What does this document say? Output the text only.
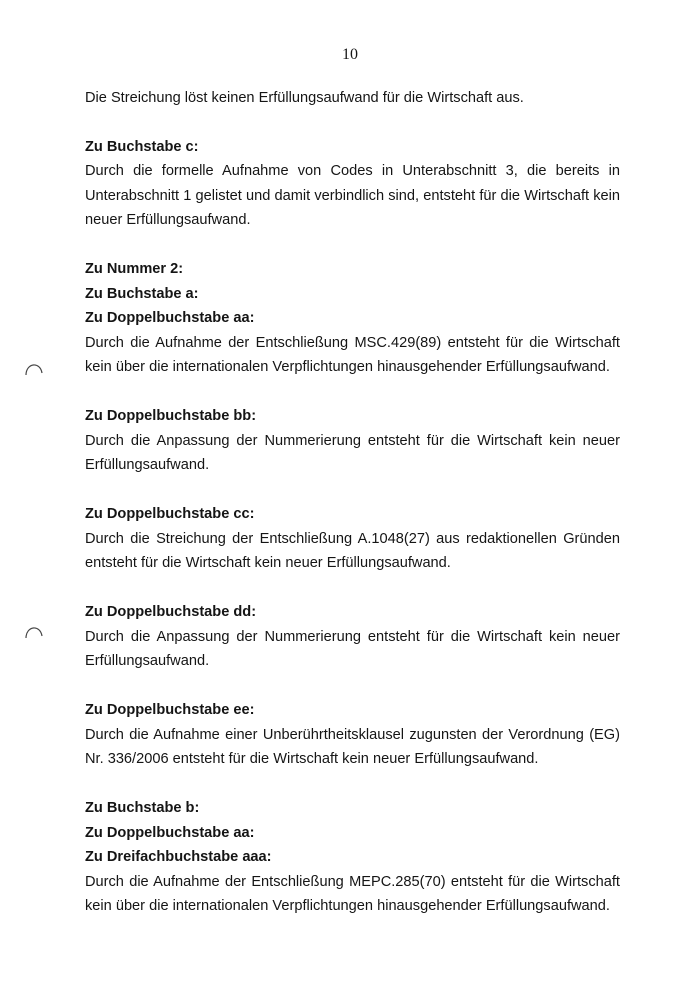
10

Die Streichung löst keinen Erfüllungsaufwand für die Wirtschaft aus.

Zu Buchstabe c:
Durch die formelle Aufnahme von Codes in Unterabschnitt 3, die bereits in Unterabschnitt 1 gelistet und damit verbindlich sind, entsteht für die Wirtschaft kein neuer Erfüllungsaufwand.
Zu Nummer 2:
Zu Buchstabe a:
Zu Doppelbuchstabe aa:
Durch die Aufnahme der Entschließung MSC.429(89) entsteht für die Wirtschaft kein über die internationalen Verpflichtungen hinausgehender Erfüllungsaufwand.
Zu Doppelbuchstabe bb:
Durch die Anpassung der Nummerierung entsteht für die Wirtschaft kein neuer Erfüllungsaufwand.
Zu Doppelbuchstabe cc:
Durch die Streichung der Entschließung A.1048(27) aus redaktionellen Gründen entsteht für die Wirtschaft kein neuer Erfüllungsaufwand.
Zu Doppelbuchstabe dd:
Durch die Anpassung der Nummerierung entsteht für die Wirtschaft kein neuer Erfüllungsaufwand.
Zu Doppelbuchstabe ee:
Durch die Aufnahme einer Unberührtheitsklausel zugunsten der Verordnung (EG) Nr. 336/2006 entsteht für die Wirtschaft kein neuer Erfüllungsaufwand.
Zu Buchstabe b:
Zu Doppelbuchstabe aa:
Zu Dreifachbuchstabe aaa:
Durch die Aufnahme der Entschließung MEPC.285(70) entsteht für die Wirtschaft kein über die internationalen Verpflichtungen hinausgehender Erfüllungsaufwand.
